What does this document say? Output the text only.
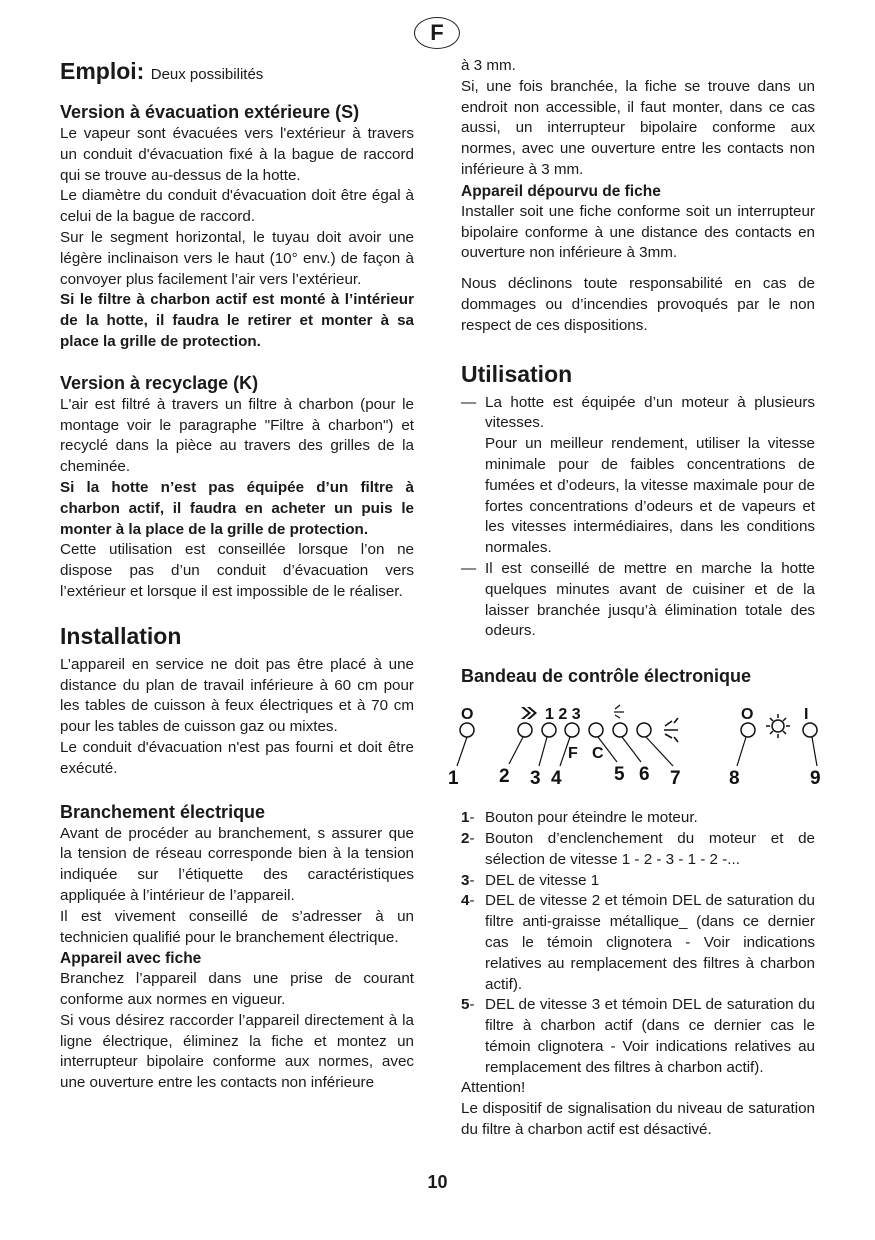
F
Emploi: Deux possibilités
Version à évacuation extérieure (S)

Le vapeur sont évacuées vers l'extérieur à travers un conduit d'évacuation fixé à la bague de raccord qui se trouve au-dessus de la hotte.

Le diamètre du conduit d'évacuation doit être égal à celui de la bague de raccord.

Sur le segment horizontal, le tuyau doit avoir une légère inclinaison vers le haut (10° env.) de façon à convoyer plus facilement l’air vers l’extérieur.

Si le filtre à charbon actif est monté à l’intérieur de la hotte, il faudra le retirer et monter à sa place la grille de protection.

Version à recyclage (K)

L'air est filtré à travers un filtre à charbon (pour le montage voir le paragraphe "Filtre à charbon") et recyclé dans la pièce au travers des grilles de la cheminée.

Si la hotte n’est pas équipée d’un filtre à charbon actif, il faudra en acheter un puis le monter à la place de la grille de protection.

Cette utilisation est conseillée lorsque l’on ne dispose pas d’un conduit d’évacuation vers l’extérieur et lorsque il est impossible de le réaliser.

Installation

L’appareil en service ne doit pas être placé à une distance du plan de travail inférieure à 60 cm pour les tables de cuisson à feux électriques et à 70 cm pour les tables de cuisson gaz ou mixtes.

Le conduit d'évacuation n'est pas fourni et doit être exécuté.

Branchement électrique

Avant de procéder au branchement, s assurer que la tension de réseau corresponde bien à la tension indiquée sur l’étiquette des caractéristiques appliquée à l’intérieur de l’appareil.

Il est vivement conseillé de s’adresser à un technicien qualifié pour le branchement électrique.

Appareil avec fiche

Branchez l’appareil dans une prise de courant conforme aux normes en vigueur.

Si vous désirez raccorder l’appareil directement à la ligne électrique, éliminez la fiche et montez un interrupteur bipolaire conforme aux normes, avec une ouverture entre les contacts non inférieure

à 3 mm.

Si, une fois branchée, la fiche se trouve dans un endroit non accessible, il faut monter, dans ce cas aussi, un interrupteur bipolaire conforme aux normes, avec une ouverture entre les contacts non inférieure à 3 mm.

Appareil dépourvu de fiche

Installer soit une fiche conforme soit un interrupteur bipolaire conforme à une distance des contacts en ouverture non inférieure à 3mm.

Nous déclinons toute responsabilité en cas de dommages ou d’incendies provoqués par le non respect de ces dispositions.

Utilisation
— La hotte est équipée d’un moteur à plusieurs vitesses.
Pour un meilleur rendement, utiliser la vitesse minimale pour de faibles concentrations de fumées et d’odeurs, la vitesse maximale pour de fortes concentrations d’odeurs et de vapeurs et les vitesses intermédiaires, dans les conditions normales.
— Il est conseillé de mettre en marche la hotte quelques minutes avant de cuisiner et de la laisser branchée jusqu’à élimination totale des odeurs.
Bandeau de contrôle électronique
O	1 2 3	O	I
F C
1 2 3 4	5 6 7	8	9
1- Bouton pour éteindre le moteur.
2- Bouton d’enclenchement du moteur et de sélection de vitesse 1 - 2 - 3 - 1 - 2 -...
3- DEL de vitesse 1
4- DEL de vitesse 2 et témoin DEL de saturation du filtre anti-graisse métallique_ (dans ce dernier cas le témoin clignotera - Voir indications relatives au remplacement des filtres à charbon actif).
5- DEL de vitesse 3 et témoin DEL de saturation du filtre à charbon actif (dans ce dernier cas le témoin clignotera - Voir indications relatives au remplacement des filtres à charbon actif).

Attention!

Le dispositif de signalisation du niveau de saturation du filtre à charbon actif est désactivé.

10
